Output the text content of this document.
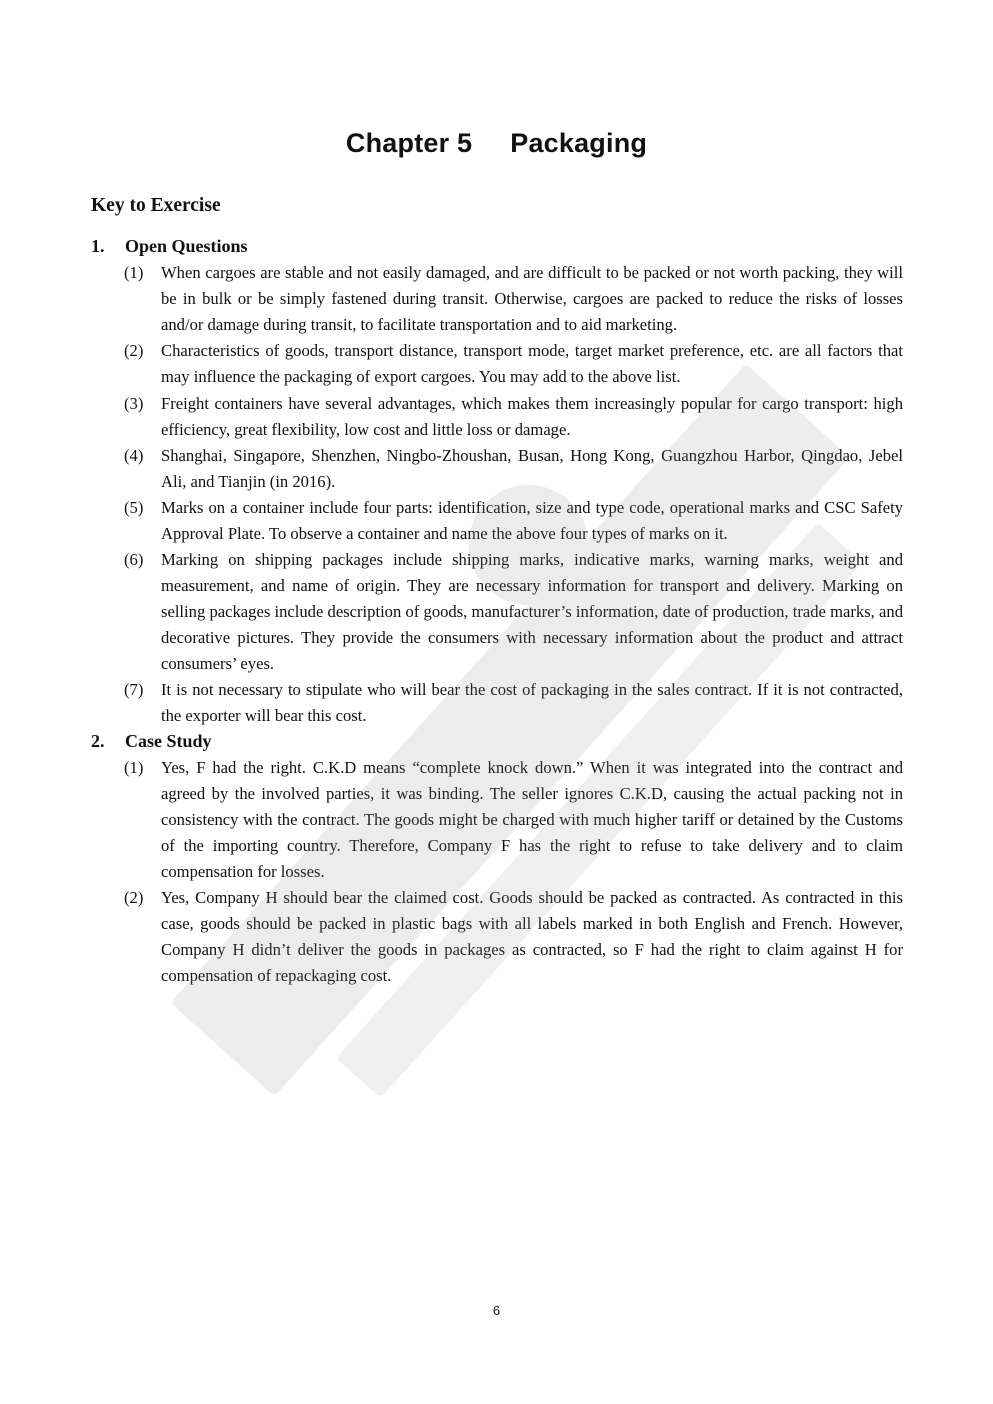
Chapter 5 Packaging
Key to Exercise
1. Open Questions
(1)	When cargoes are stable and not easily damaged, and are difficult to be packed or not worth packing, they will be in bulk or be simply fastened during transit. Otherwise, cargoes are packed to reduce the risks of losses and/or damage during transit, to facilitate transportation and to aid marketing.
(2)	Characteristics of goods, transport distance, transport mode, target market preference, etc. are all factors that may influence the packaging of export cargoes. You may add to the above list.
(3)	Freight containers have several advantages, which makes them increasingly popular for cargo transport: high efficiency, great flexibility, low cost and little loss or damage.
(4)	Shanghai, Singapore, Shenzhen, Ningbo-Zhoushan, Busan, Hong Kong, Guangzhou Harbor, Qingdao, Jebel Ali, and Tianjin (in 2016).
(5)	Marks on a container include four parts: identification, size and type code, operational marks and CSC Safety Approval Plate. To observe a container and name the above four types of marks on it.
(6)	Marking on shipping packages include shipping marks, indicative marks, warning marks, weight and measurement, and name of origin. They are necessary information for transport and delivery. Marking on selling packages include description of goods, manufacturer’s information, date of production, trade marks, and decorative pictures. They provide the consumers with necessary information about the product and attract consumers’ eyes.
(7)	It is not necessary to stipulate who will bear the cost of packaging in the sales contract. If it is not contracted, the exporter will bear this cost.
2. Case Study
(1)	Yes, F had the right. C.K.D means “complete knock down.” When it was integrated into the contract and agreed by the involved parties, it was binding. The seller ignores C.K.D, causing the actual packing not in consistency with the contract. The goods might be charged with much higher tariff or detained by the Customs of the importing country. Therefore, Company F has the right to refuse to take delivery and to claim compensation for losses.
(2)	Yes, Company H should bear the claimed cost. Goods should be packed as contracted. As contracted in this case, goods should be packed in plastic bags with all labels marked in both English and French. However, Company H didn’t deliver the goods in packages as contracted, so F had the right to claim against H for compensation of repackaging cost.
6
